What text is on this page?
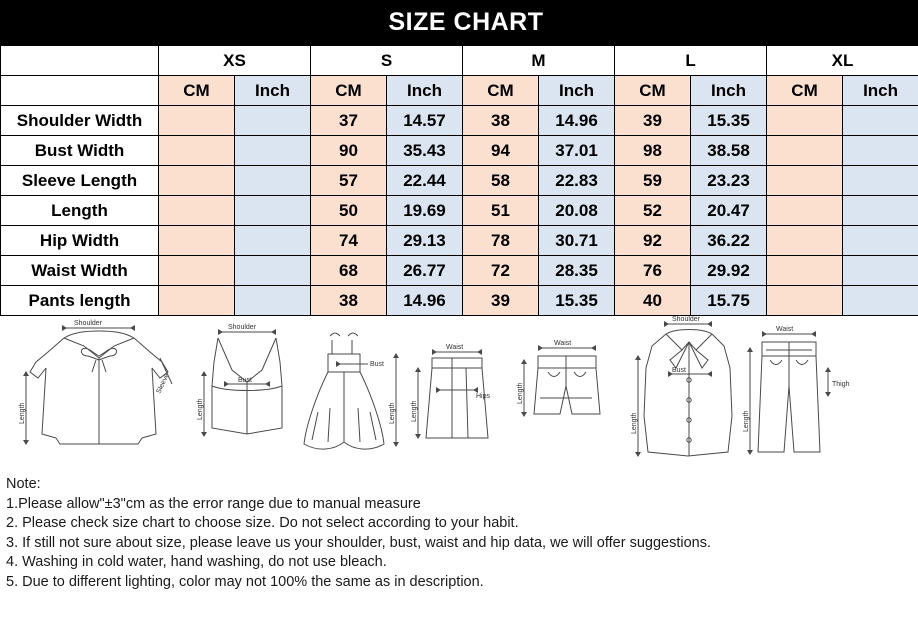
SIZE CHART
	XS		S		M		L		XL	
	CM	Inch	CM	Inch	CM	Inch	CM	Inch	CM	Inch
Shoulder Width			37	14.57	38	14.96	39	15.35		
Bust Width			90	35.43	94	37.01	98	38.58		
Sleeve Length			57	22.44	58	22.83	59	23.23		
Length			50	19.69	51	20.08	52	20.47		
Hip Width			74	29.13	78	30.71	92	36.22		
Waist Width			68	26.77	72	28.35	76	29.92		
Pants length			38	14.96	39	15.35	40	15.75		
Shoulder
Length
Sleeve
Shoulder
Length
Bust
Bust
Length
Waist
Length
Hips
Waist
Length
Shoulder
Bust
Length
Waist
Length
Thigh
Note:
1.Please allow"±3"cm as the error range due to manual measure
2. Please check size chart to choose size. Do not select according to your habit.
3. If still not sure about size, please leave us your shoulder, bust, waist and hip data, we will offer suggestions.
4. Washing in cold water, hand washing, do not use bleach.
5. Due to different lighting, color may not 100% the same as in description.
